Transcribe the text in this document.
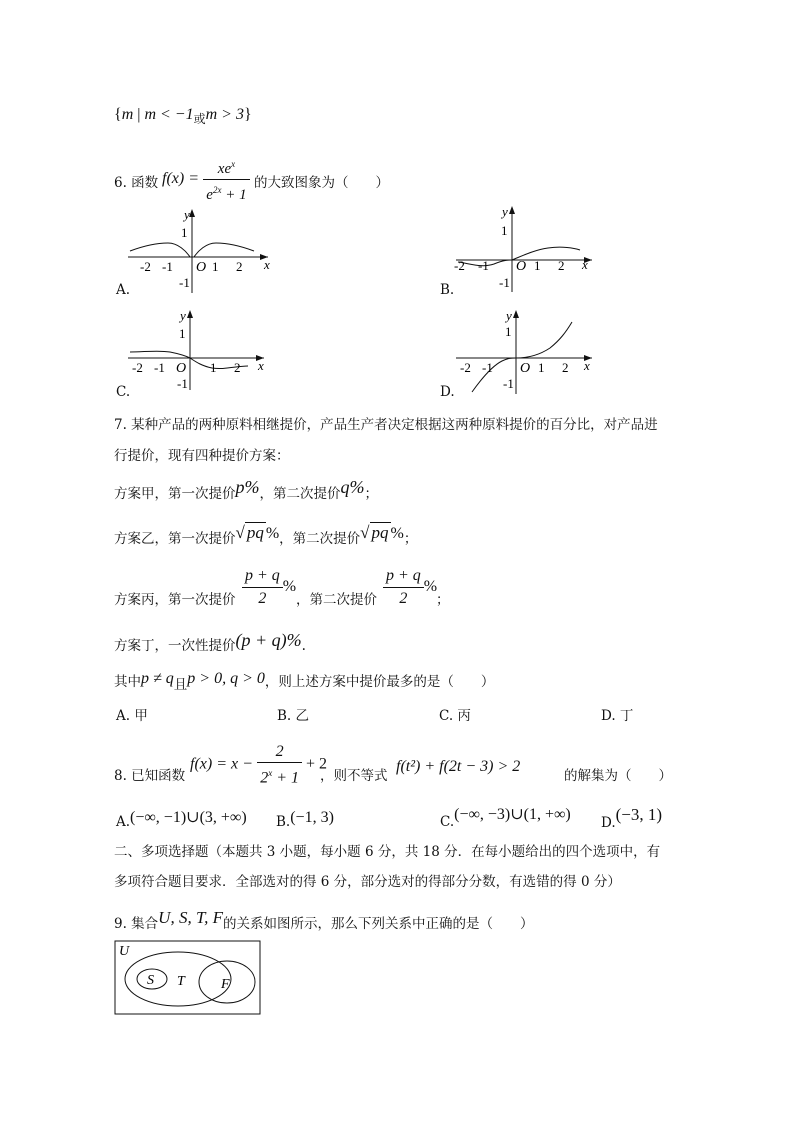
{m | m < −1或m > 3}
6. 函数 $f(x) = \frac{xe^x}{e^{2x} + 1}$ 的大致图象为（　　）
y
1
x
O 1 2
-2 -1
-1
A.
y
1
x
O 1 2
-2 -1
-1
B.
y
1
x
O 1 2
-2 -1
-1
C.
y
1
x
O 1 2
-2 -1
-1
D.
7. 某种产品的两种原料相继提价，产品生产者决定根据这两种原料提价的百分比，对产品进
行提价，现有四种提价方案：
方案甲，第一次提价p%，第二次提价q%；
方案乙，第一次提价√ pq %，第二次提价√ pq %；
方案丙，第一次提价 $\frac{p + q}{2}$ %
，第二次提价 $\frac{p + q}{2}$ %
；
方案丁，一次性提价(p + q)%.
其中p ≠ q且p > 0, q > 0，则上述方案中提价最多的是（　　）
A. 甲	B. 乙	C. 丙	D. 丁
8. 已知函数
$f(x) = x - \frac{2}{2^x + 1} + 2$
，则不等式
f(t²) + f(2t − 3) > 2
的解集为（　　）
A.(−∞, −1)∪(3, +∞) B.(−1, 3)	C.(−∞, −3)∪(1, +∞) D.(−3, 1)
二、多项选择题（本题共 3 小题，每小题 6 分，共 18 分．在每小题给出的四个选项中，有
多项符合题目要求．全部选对的得 6 分，部分选对的得部分分数，有选错的得 0 分）
9. 集合U, S, T, F的关系如图所示，那么下列关系中正确的是（　　）
U
S T	F
